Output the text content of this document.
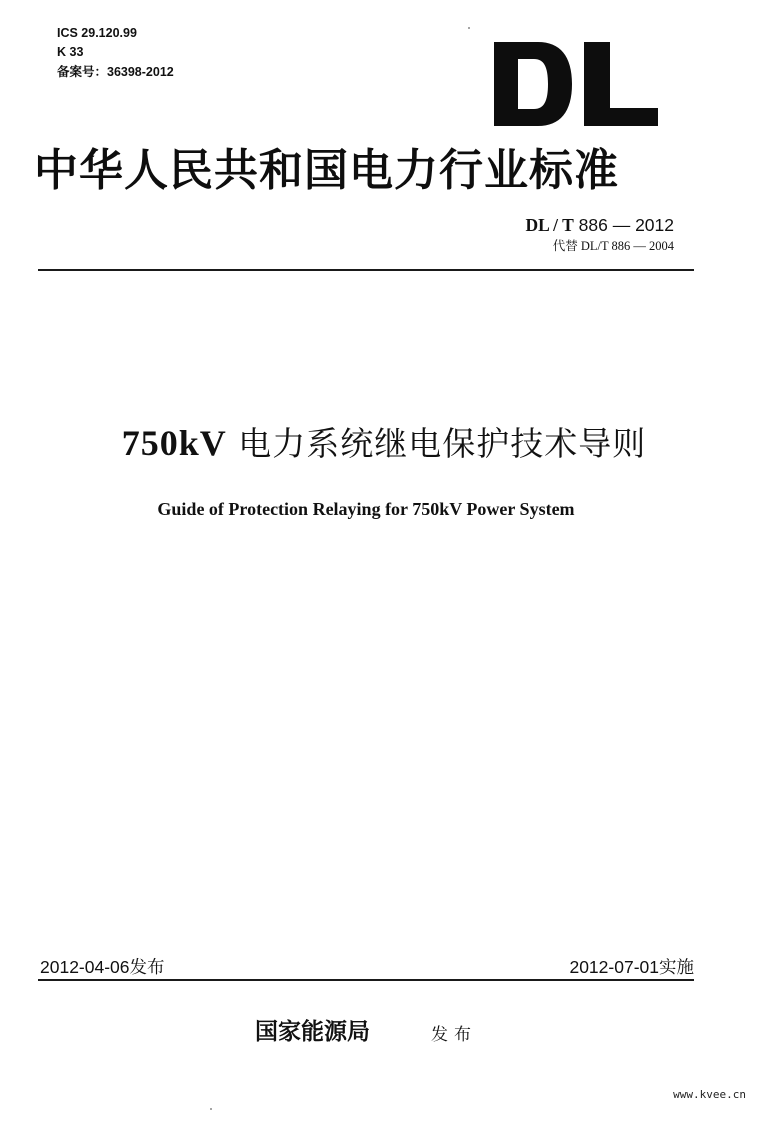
ICS 29.120.99
K 33
备案号：36398-2012
中华人民共和国电力行业标准
DL / T 886 — 2012
代替 DL/T 886 — 2004
750kV 电力系统继电保护技术导则
Guide of Protection Relaying for 750kV Power System
2012-04-06发布	2012-07-01实施
国家能源局	发布
www.kvee.cn
